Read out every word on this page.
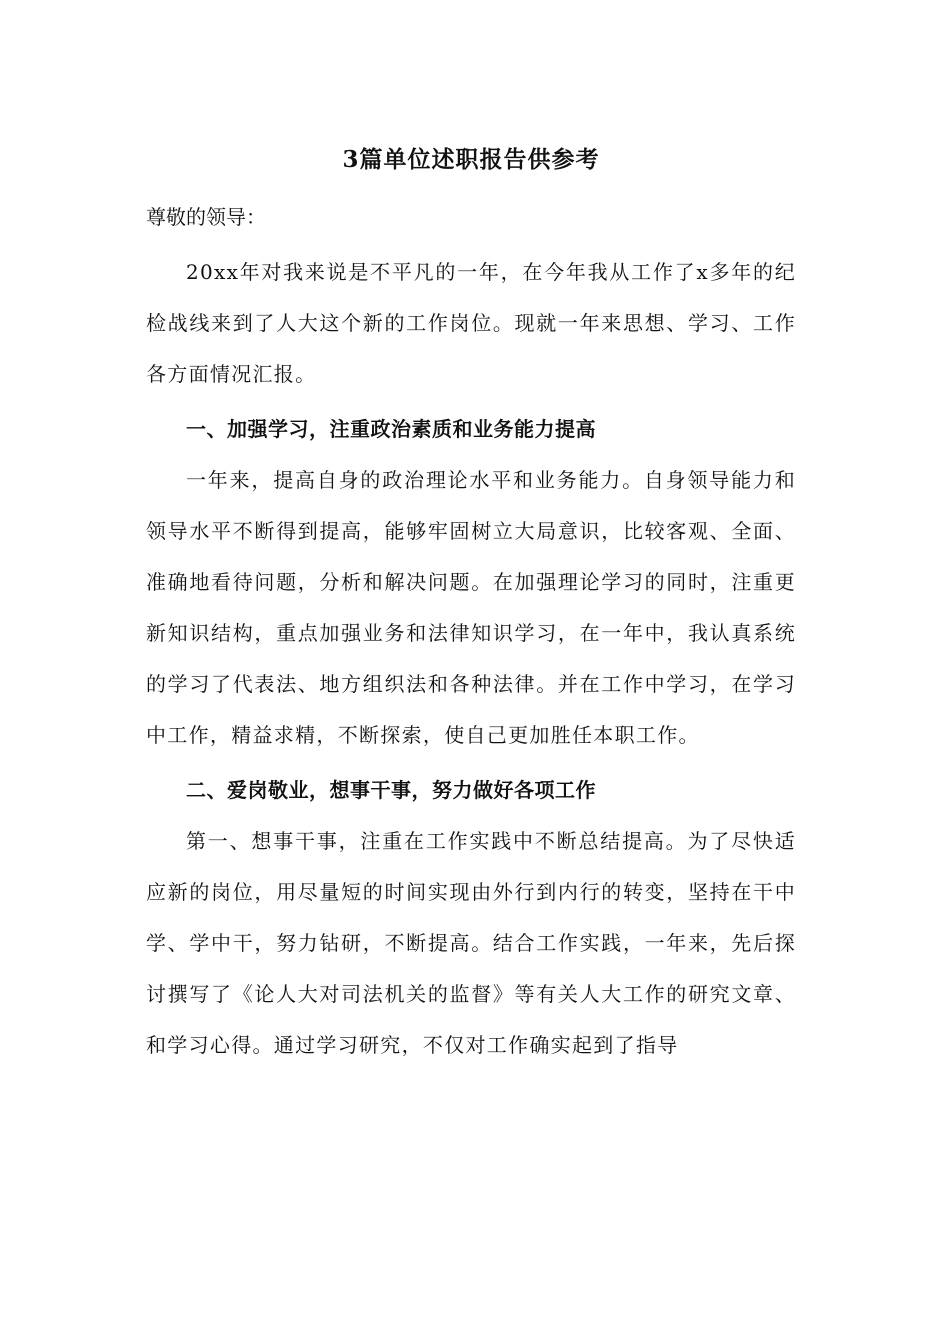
3篇单位述职报告供参考
尊敬的领导：

20xx年对我来说是不平凡的一年，在今年我从工作了x多年的纪检战线来到了人大这个新的工作岗位。现就一年来思想、学习、工作各方面情况汇报。

一、加强学习，注重政治素质和业务能力提高

一年来，提高自身的政治理论水平和业务能力。自身领导能力和领导水平不断得到提高，能够牢固树立大局意识，比较客观、全面、准确地看待问题，分析和解决问题。在加强理论学习的同时，注重更新知识结构，重点加强业务和法律知识学习，在一年中，我认真系统的学习了代表法、地方组织法和各种法律。并在工作中学习，在学习中工作，精益求精，不断探索，使自己更加胜任本职工作。

二、爱岗敬业，想事干事，努力做好各项工作

第一、想事干事，注重在工作实践中不断总结提高。为了尽快适应新的岗位，用尽量短的时间实现由外行到内行的转变，坚持在干中学、学中干，努力钻研，不断提高。结合工作实践，一年来，先后探讨撰写了《论人大对司法机关的监督》等有关人大工作的研究文章、和学习心得。通过学习研究，不仅对工作确实起到了指导
